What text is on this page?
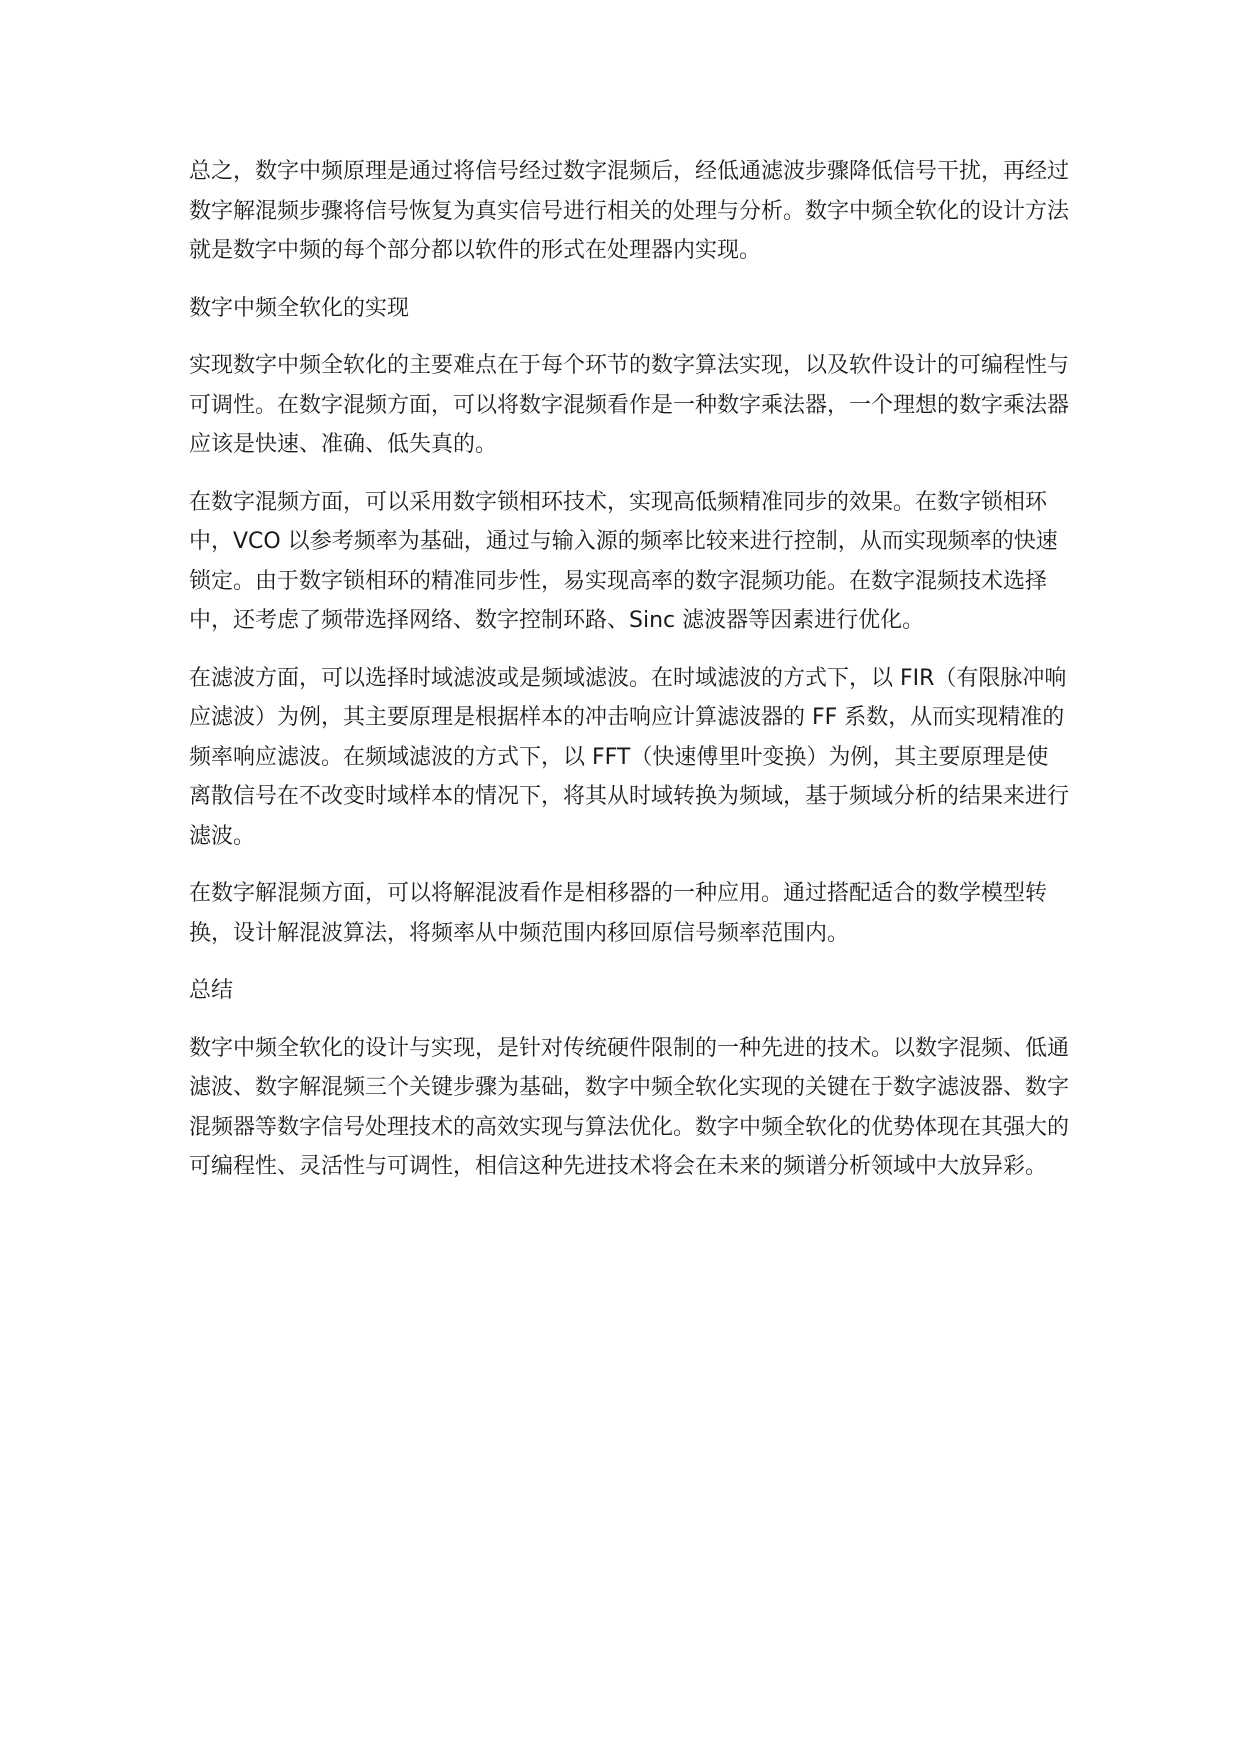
总之，数字中频原理是通过将信号经过数字混频后，经低通滤波步骤降低信号干扰，再经过数字解混频步骤将信号恢复为真实信号进行相关的处理与分析。数字中频全软化的设计方法就是数字中频的每个部分都以软件的形式在处理器内实现。

数字中频全软化的实现

实现数字中频全软化的主要难点在于每个环节的数字算法实现，以及软件设计的可编程性与可调性。在数字混频方面，可以将数字混频看作是一种数字乘法器，一个理想的数字乘法器应该是快速、准确、低失真的。

在数字混频方面，可以采用数字锁相环技术，实现高低频精准同步的效果。在数字锁相环中，VCO 以参考频率为基础，通过与输入源的频率比较来进行控制，从而实现频率的快速锁定。由于数字锁相环的精准同步性，易实现高率的数字混频功能。在数字混频技术选择中，还考虑了频带选择网络、数字控制环路、Sinc 滤波器等因素进行优化。

在滤波方面，可以选择时域滤波或是频域滤波。在时域滤波的方式下，以 FIR（有限脉冲响应滤波）为例，其主要原理是根据样本的冲击响应计算滤波器的 FF 系数，从而实现精准的频率响应滤波。在频域滤波的方式下，以 FFT（快速傅里叶变换）为例，其主要原理是使离散信号在不改变时域样本的情况下，将其从时域转换为频域，基于频域分析的结果来进行滤波。

在数字解混频方面，可以将解混波看作是相移器的一种应用。通过搭配适合的数学模型转换，设计解混波算法，将频率从中频范围内移回原信号频率范围内。

总结

数字中频全软化的设计与实现，是针对传统硬件限制的一种先进的技术。以数字混频、低通滤波、数字解混频三个关键步骤为基础，数字中频全软化实现的关键在于数字滤波器、数字混频器等数字信号处理技术的高效实现与算法优化。数字中频全软化的优势体现在其强大的可编程性、灵活性与可调性，相信这种先进技术将会在未来的频谱分析领域中大放异彩。
